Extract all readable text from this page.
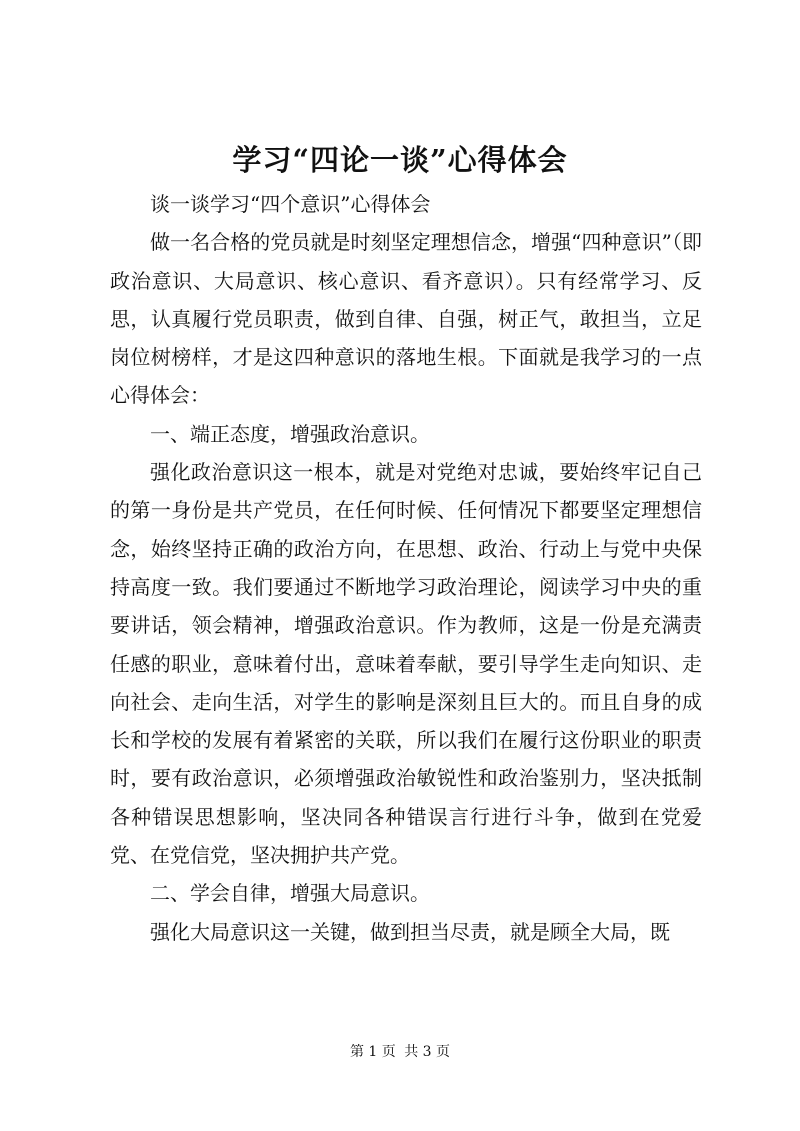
学习“四论一谈”心得体会

谈一谈学习“四个意识”心得体会

做一名合格的党员就是时刻坚定理想信念，增强“四种意识”（即政治意识、大局意识、核心意识、看齐意识）。只有经常学习、反思，认真履行党员职责，做到自律、自强，树正气，敢担当，立足岗位树榜样，才是这四种意识的落地生根。下面就是我学习的一点心得体会：

一、端正态度，增强政治意识。

强化政治意识这一根本，就是对党绝对忠诚，要始终牢记自己的第一身份是共产党员，在任何时候、任何情况下都要坚定理想信念，始终坚持正确的政治方向，在思想、政治、行动上与党中央保持高度一致。我们要通过不断地学习政治理论，阅读学习中央的重要讲话，领会精神，增强政治意识。作为教师，这是一份是充满责任感的职业，意味着付出，意味着奉献，要引导学生走向知识、走向社会、走向生活，对学生的影响是深刻且巨大的。而且自身的成长和学校的发展有着紧密的关联，所以我们在履行这份职业的职责时，要有政治意识，必须增强政治敏锐性和政治鉴别力，坚决抵制各种错误思想影响，坚决同各种错误言行进行斗争，做到在党爱党、在党信党，坚决拥护共产党。

二、学会自律，增强大局意识。

强化大局意识这一关键，做到担当尽责，就是顾全大局，既

第 1 页 共 3 页
